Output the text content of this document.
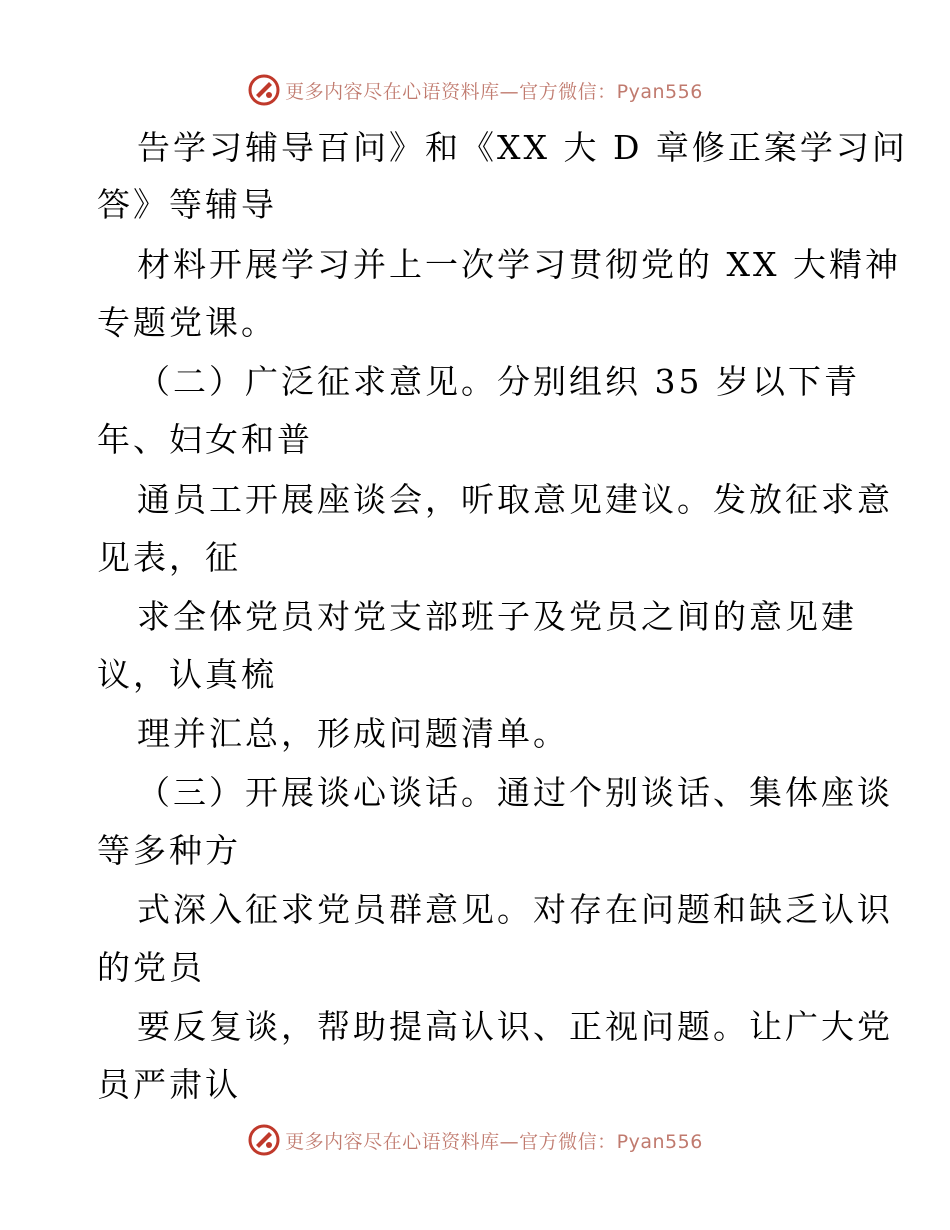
更多内容尽在心语资料库—官方微信：Pyan556
告学习辅导百问》和《XX 大 D 章修正案学习问
答》等辅导
材料开展学习并上一次学习贯彻党的 XX 大精神
专题党课。
（二）广泛征求意见。分别组织 35 岁以下青
年、妇女和普
通员工开展座谈会，听取意见建议。发放征求意
见表，征
求全体党员对党支部班子及党员之间的意见建
议，认真梳
理并汇总，形成问题清单。
（三）开展谈心谈话。通过个别谈话、集体座谈
等多种方
式深入征求党员群意见。对存在问题和缺乏认识
的党员
要反复谈，帮助提高认识、正视问题。让广大党
员严肃认
更多内容尽在心语资料库—官方微信：Pyan556
